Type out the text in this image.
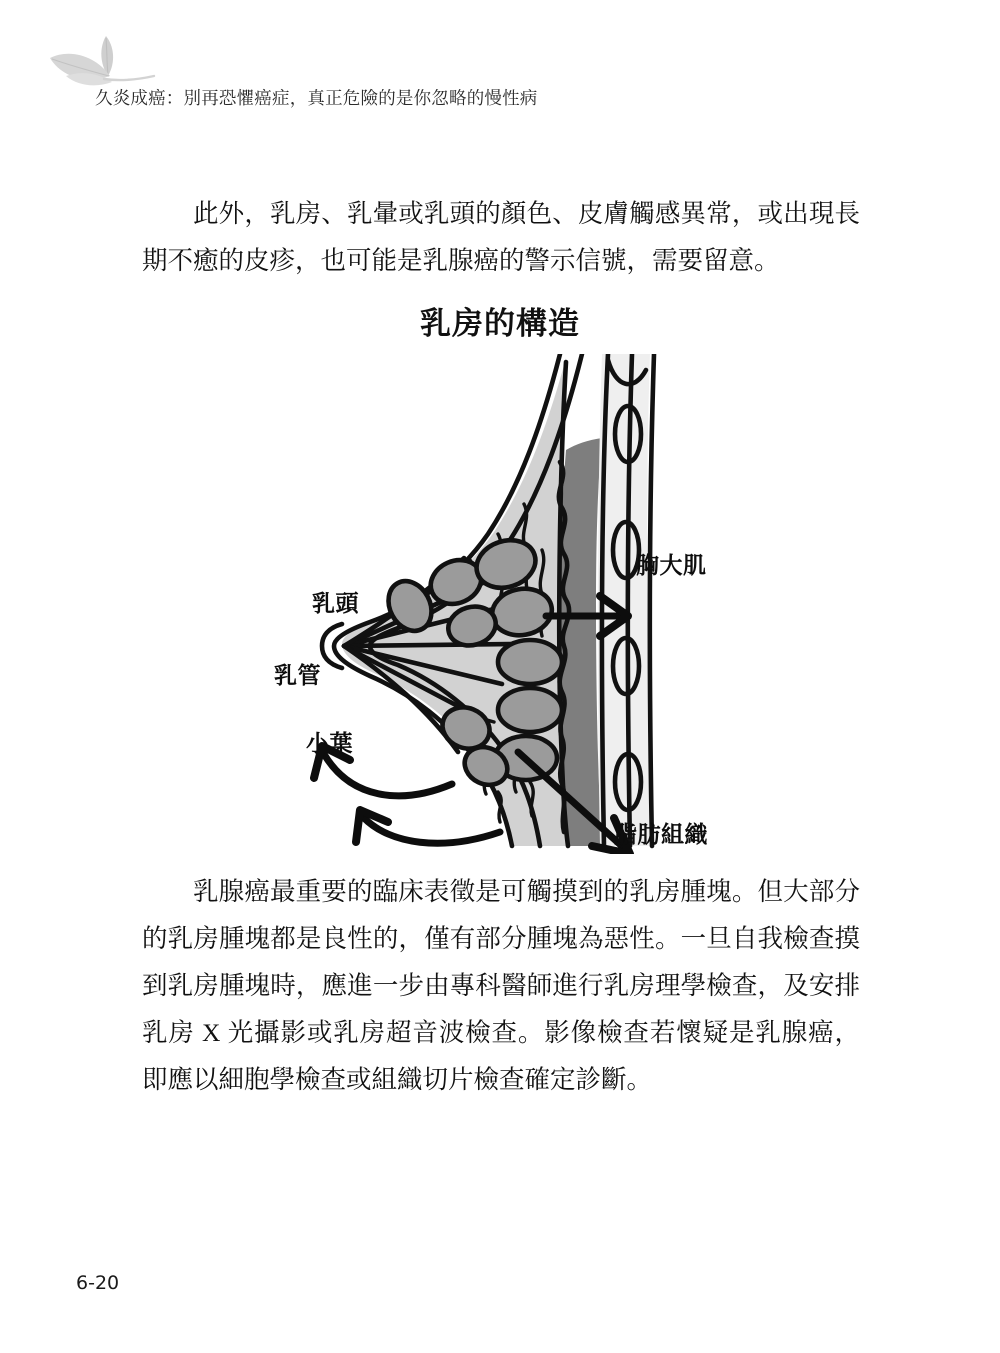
久炎成癌：別再恐懼癌症，真正危險的是你忽略的慢性病
此外，乳房、乳暈或乳頭的顏色、皮膚觸感異常，或出現長期不癒的皮疹，也可能是乳腺癌的警示信號，需要留意。
乳房的構造
胸大肌
乳頭
乳管
小葉
脂肪組織
乳腺癌最重要的臨床表徵是可觸摸到的乳房腫塊。但大部分的乳房腫塊都是良性的，僅有部分腫塊為惡性。一旦自我檢查摸到乳房腫塊時，應進一步由專科醫師進行乳房理學檢查，及安排乳房 X 光攝影或乳房超音波檢查。影像檢查若懷疑是乳腺癌，即應以細胞學檢查或組織切片檢查確定診斷。
6-20
